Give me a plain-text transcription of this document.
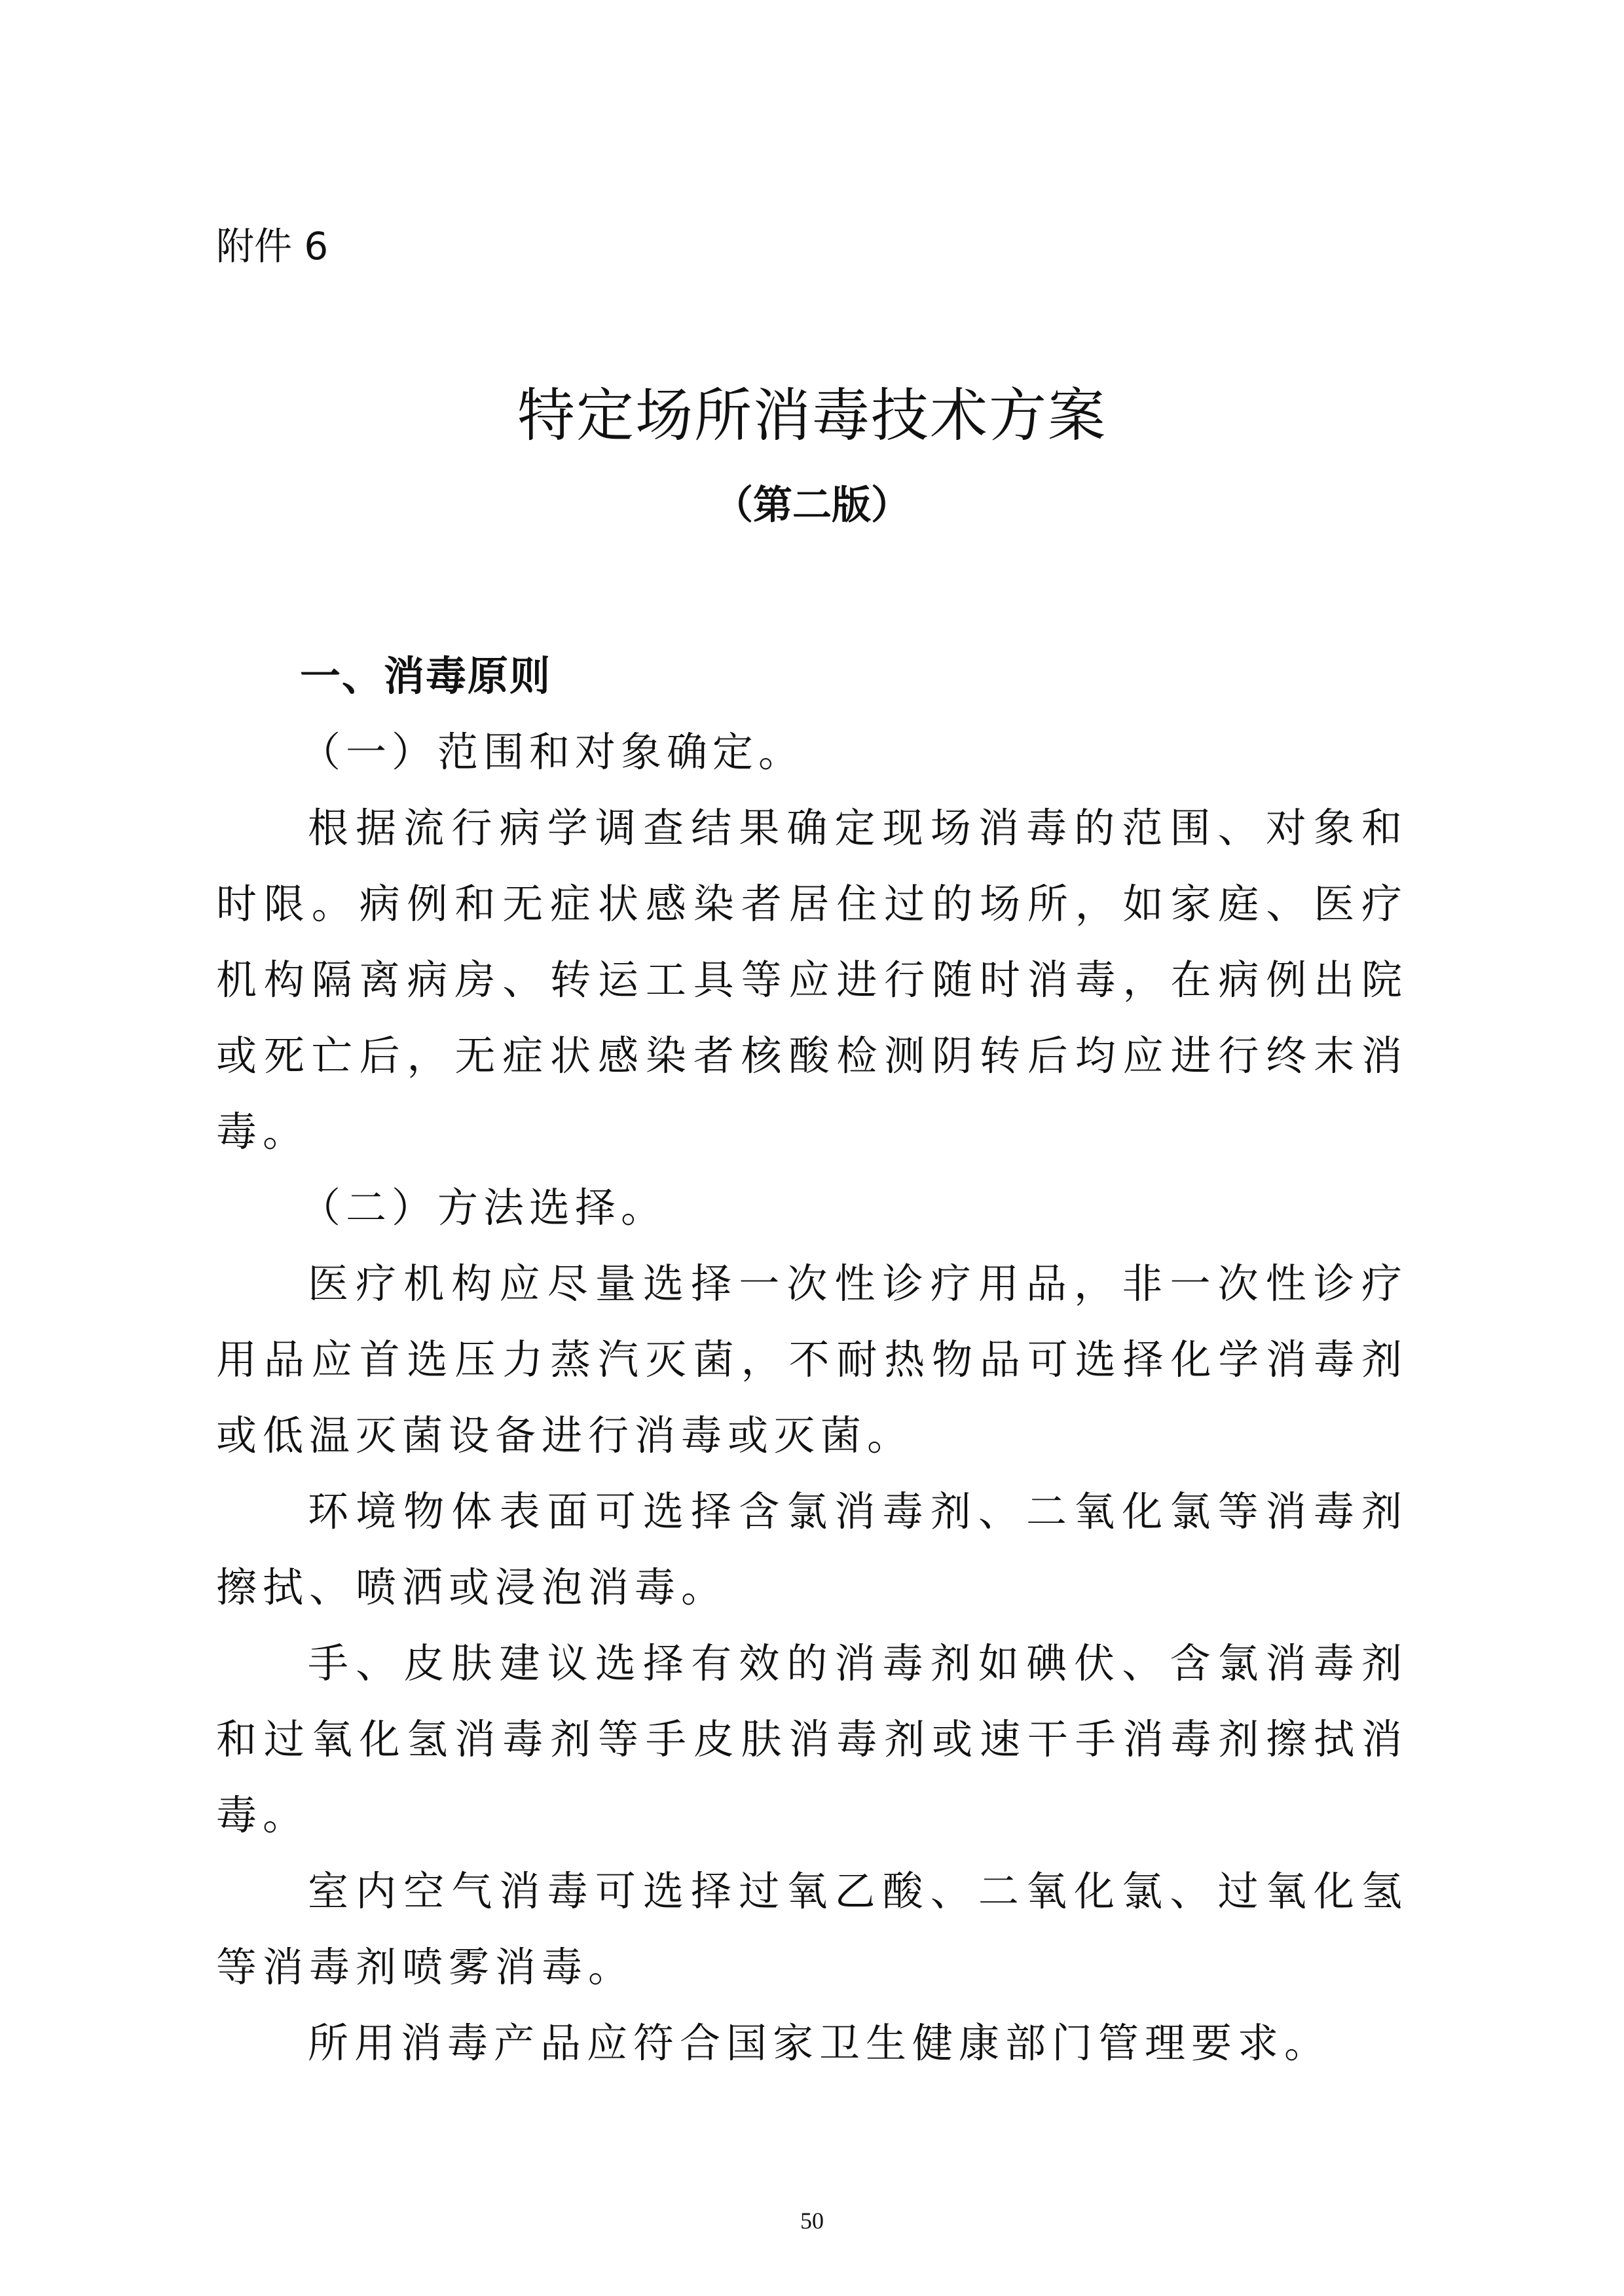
附件 6

特定场所消毒技术方案

（第二版）

一、消毒原则

（一）范围和对象确定。

根据流行病学调查结果确定现场消毒的范围、对象和时限。病例和无症状感染者居住过的场所，如家庭、医疗机构隔离病房、转运工具等应进行随时消毒，在病例出院或死亡后，无症状感染者核酸检测阴转后均应进行终末消毒。

（二）方法选择。

医疗机构应尽量选择一次性诊疗用品，非一次性诊疗用品应首选压力蒸汽灭菌，不耐热物品可选择化学消毒剂或低温灭菌设备进行消毒或灭菌。

环境物体表面可选择含氯消毒剂、二氧化氯等消毒剂擦拭、喷洒或浸泡消毒。

手、皮肤建议选择有效的消毒剂如碘伏、含氯消毒剂和过氧化氢消毒剂等手皮肤消毒剂或速干手消毒剂擦拭消毒。

室内空气消毒可选择过氧乙酸、二氧化氯、过氧化氢等消毒剂喷雾消毒。

所用消毒产品应符合国家卫生健康部门管理要求。

50
